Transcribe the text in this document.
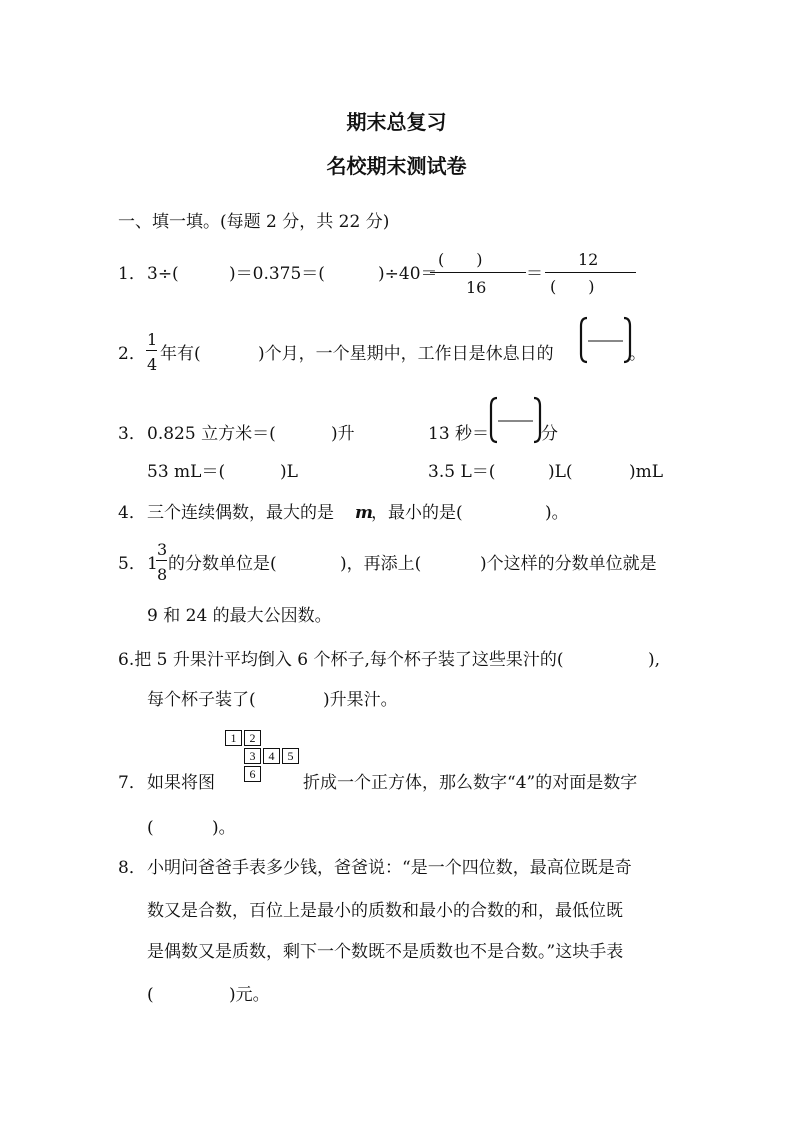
期末总复习
名校期末测试卷
一、填一填。(每题 2 分，共 22 分)
1． 3÷(	)＝0.375＝(	)÷40＝
(　　)
16
＝
12
(　　)
2．
1
4
年有(	)个月，一个星期中，工作日是休息日的	。
3． 0.825 立方米＝(	)升	13 秒＝	分
53 mL＝(	)L	3.5 L＝(	)L(	)mL
4． 三个连续偶数，最大的是 m
，最小的是(	)。
5． 1
3
8
的分数单位是(	)，再添上(	)个这样的分数单位就是
9 和 24 的最大公因数。
6.把 5 升果汁平均倒入 6 个杯子,每个杯子装了这些果汁的(	),
每个杯子装了(	)升果汁。
7． 如果将图
1	2
3	4	5
6	折成一个正方体，那么数字“4”的对面是数字
(	)。
8． 小明问爸爸手表多少钱，爸爸说：“是一个四位数，最高位既是奇
数又是合数，百位上是最小的质数和最小的合数的和，最低位既
是偶数又是质数，剩下一个数既不是质数也不是合数。”这块手表
(	)元。
